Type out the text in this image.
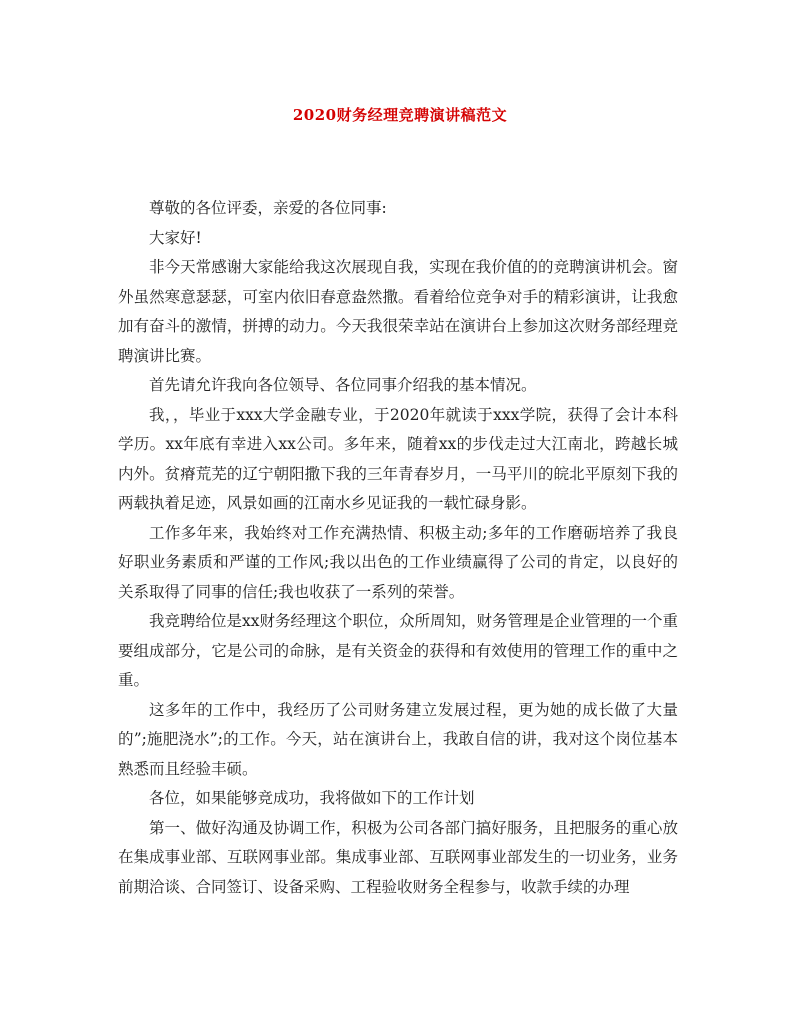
2020财务经理竞聘演讲稿范文

尊敬的各位评委，亲爱的各位同事:

大家好!

非今天常感谢大家能给我这次展现自我，实现在我价值的的竞聘演讲机会。窗外虽然寒意瑟瑟，可室内依旧春意盎然撒。看着给位竞争对手的精彩演讲，让我愈加有奋斗的激情，拼搏的动力。今天我很荣幸站在演讲台上参加这次财务部经理竞聘演讲比赛。

首先请允许我向各位领导、各位同事介绍我的基本情况。

我，，毕业于xxx大学金融专业，于2020年就读于xxx学院，获得了会计本科学历。xx年底有幸进入xx公司。多年来，随着xx的步伐走过大江南北，跨越长城内外。贫瘠荒芜的辽宁朝阳撒下我的三年青春岁月，一马平川的皖北平原刻下我的两载执着足迹，风景如画的江南水乡见证我的一载忙碌身影。

工作多年来，我始终对工作充满热情、积极主动;多年的工作磨砺培养了我良好职业务素质和严谨的工作风;我以出色的工作业绩赢得了公司的肯定，以良好的关系取得了同事的信任;我也收获了一系列的荣誉。

我竞聘给位是xx财务经理这个职位，众所周知，财务管理是企业管理的一个重要组成部分，它是公司的命脉，是有关资金的获得和有效使用的管理工作的重中之重。

这多年的工作中，我经历了公司财务建立发展过程，更为她的成长做了大量的”;施肥浇水”;的工作。今天，站在演讲台上，我敢自信的讲，我对这个岗位基本熟悉而且经验丰硕。

各位，如果能够竞成功，我将做如下的工作计划

第一、做好沟通及协调工作，积极为公司各部门搞好服务，且把服务的重心放在集成事业部、互联网事业部。集成事业部、互联网事业部发生的一切业务，业务前期洽谈、合同签订、设备采购、工程验收财务全程参与，收款手续的办理
